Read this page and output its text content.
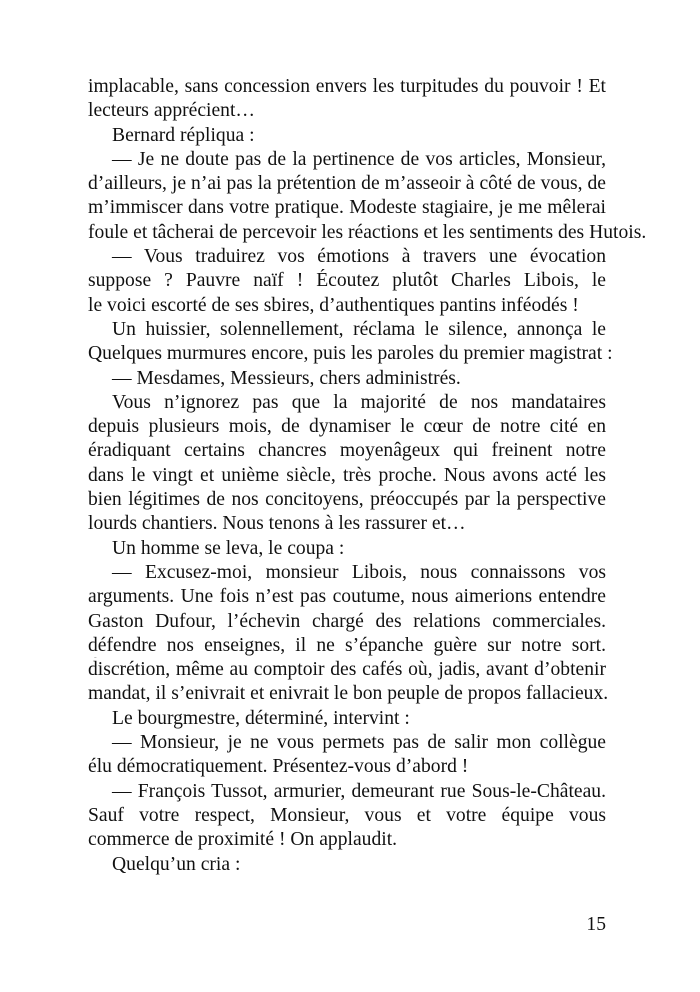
implacable, sans concession envers les turpitudes du pouvoir ! Et
lecteurs apprécient…
Bernard répliqua :
— Je ne doute pas de la pertinence de vos articles, Monsieur,
d’ailleurs, je n’ai pas la prétention de m’asseoir à côté de vous, de
m’immiscer dans votre pratique. Modeste stagiaire, je me mêlerai
foule et tâcherai de percevoir les réactions et les sentiments des Hutois.
— Vous traduirez vos émotions à travers une évocation
suppose ? Pauvre naïf ! Écoutez plutôt Charles Libois, le
le voici escorté de ses sbires, d’authentiques pantins inféodés !
Un huissier, solennellement, réclama le silence, annonça le
Quelques murmures encore, puis les paroles du premier magistrat :
— Mesdames, Messieurs, chers administrés.
Vous n’ignorez pas que la majorité de nos mandataires
depuis plusieurs mois, de dynamiser le cœur de notre cité en
éradiquant certains chancres moyenâgeux qui freinent notre
dans le vingt et unième siècle, très proche. Nous avons acté les
bien légitimes de nos concitoyens, préoccupés par la perspective
lourds chantiers. Nous tenons à les rassurer et…
Un homme se leva, le coupa :
— Excusez-moi, monsieur Libois, nous connaissons vos
arguments. Une fois n’est pas coutume, nous aimerions entendre
Gaston Dufour, l’échevin chargé des relations commerciales.
défendre nos enseignes, il ne s’épanche guère sur notre sort.
discrétion, même au comptoir des cafés où, jadis, avant d’obtenir
mandat, il s’enivrait et enivrait le bon peuple de propos fallacieux.
Le bourgmestre, déterminé, intervint :
— Monsieur, je ne vous permets pas de salir mon collègue
élu démocratiquement. Présentez-vous d’abord !
— François Tussot, armurier, demeurant rue Sous-le-Château.
Sauf votre respect, Monsieur, vous et votre équipe vous
commerce de proximité ! On applaudit.
Quelqu’un cria :
15
